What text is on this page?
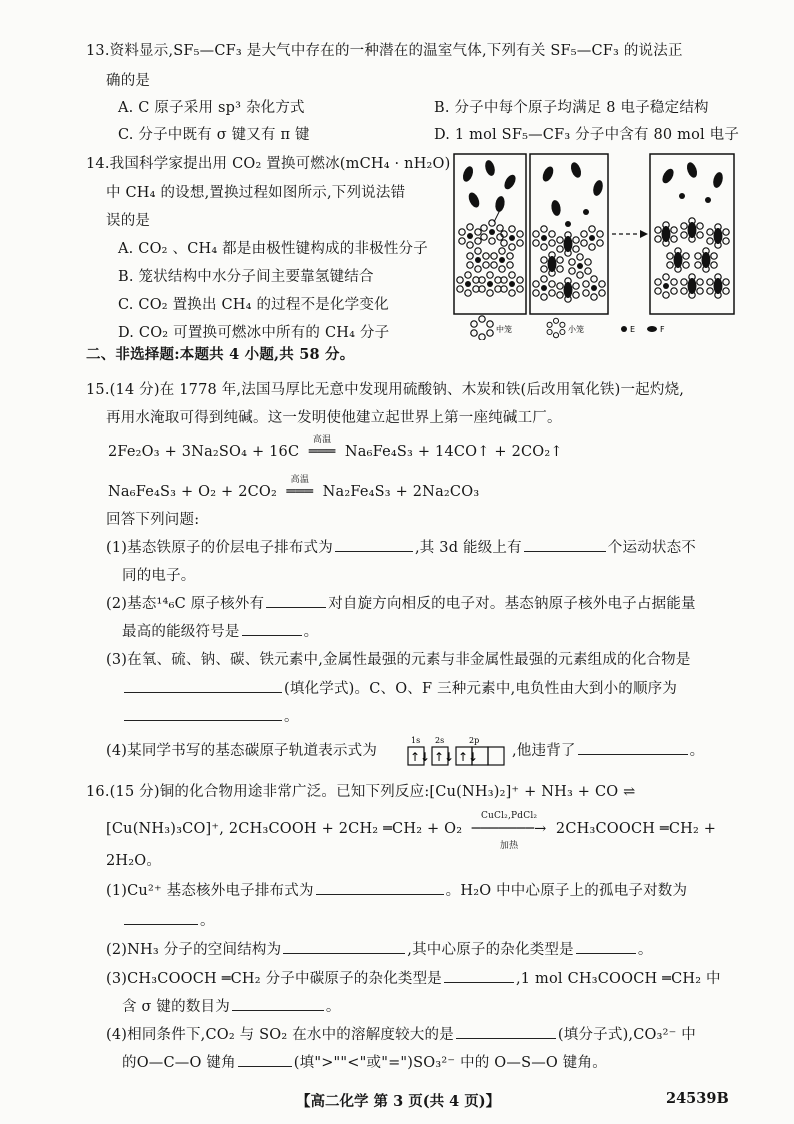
13.资料显示,SF₅—CF₃ 是大气中存在的一种潜在的温室气体,下列有关 SF₅—CF₃ 的说法正
确的是
A. C 原子采用 sp³ 杂化方式	B. 分子中每个原子均满足 8 电子稳定结构
C. 分子中既有 σ 键又有 π 键	D. 1 mol SF₅—CF₃ 分子中含有 80 mol 电子
14.我国科学家提出用 CO₂ 置换可燃冰(mCH₄ · nH₂O)
中 CH₄ 的设想,置换过程如图所示,下列说法错
误的是
A. CO₂ 、CH₄ 都是由极性键构成的非极性分子
B. 笼状结构中水分子间主要靠氢键结合
C. CO₂ 置换出 CH₄ 的过程不是化学变化
D. CO₂ 可置换可燃冰中所有的 CH₄ 分子	中笼	小笼	E	F
二、非选择题:本题共 4 小题,共 58 分。
15.(14 分)在 1778 年,法国马厚比无意中发现用硫酸钠、木炭和铁(后改用氧化铁)一起灼烧,
再用水淹取可得到纯碱。这一发明使他建立起世界上第一座纯碱工厂。
2Fe₂O₃ + 3Na₂SO₄ + 16C
高温
═══ Na₆Fe₄S₃ + 14CO↑ + 2CO₂↑
Na₆Fe₄S₃ + O₂ + 2CO₂
高温
═══ Na₂Fe₄S₃ + 2Na₂CO₃
回答下列问题:
(1)基态铁原子的价层电子排布式为	,其 3d 能级上有	个运动状态不
同的电子。
(2)基态¹⁴₆C 原子核外有	对自旋方向相反的电子对。基态钠原子核外电子占据能量
最高的能级符号是	。
(3)在氧、硫、钠、碳、铁元素中,金属性最强的元素与非金属性最强的元素组成的化合物是
(填化学式)。C、O、F 三种元素中,电负性由大到小的顺序为
。
(4)某同学书写的基态碳原子轨道表示式为
1s 2s	2p
↑↓ ↑↓ ↑↓ ,他违背了	。
16.(15 分)铜的化合物用途非常广泛。已知下列反应:[Cu(NH₃)₂]⁺ + NH₃ + CO ⇌
[Cu(NH₃)₃CO]⁺, 2CH₃COOH + 2CH₂ ═CH₂ + O₂
CuCl₂,PdCl₂
───────→
加热
2CH₃COOCH ═CH₂ +
2H₂O。
(1)Cu²⁺ 基态核外电子排布式为	。H₂O 中中心原子上的孤电子对数为
。
(2)NH₃ 分子的空间结构为	,其中心原子的杂化类型是	。
(3)CH₃COOCH ═CH₂ 分子中碳原子的杂化类型是	,1 mol CH₃COOCH ═CH₂ 中
含 σ 键的数目为	。
(4)相同条件下,CO₂ 与 SO₂ 在水中的溶解度较大的是	(填分子式),CO₃²⁻ 中
的O—C—O 键角	(填">""<"或"=")SO₃²⁻ 中的 O—S—O 键角。
【高二化学 第 3 页(共 4 页)】	24539B
